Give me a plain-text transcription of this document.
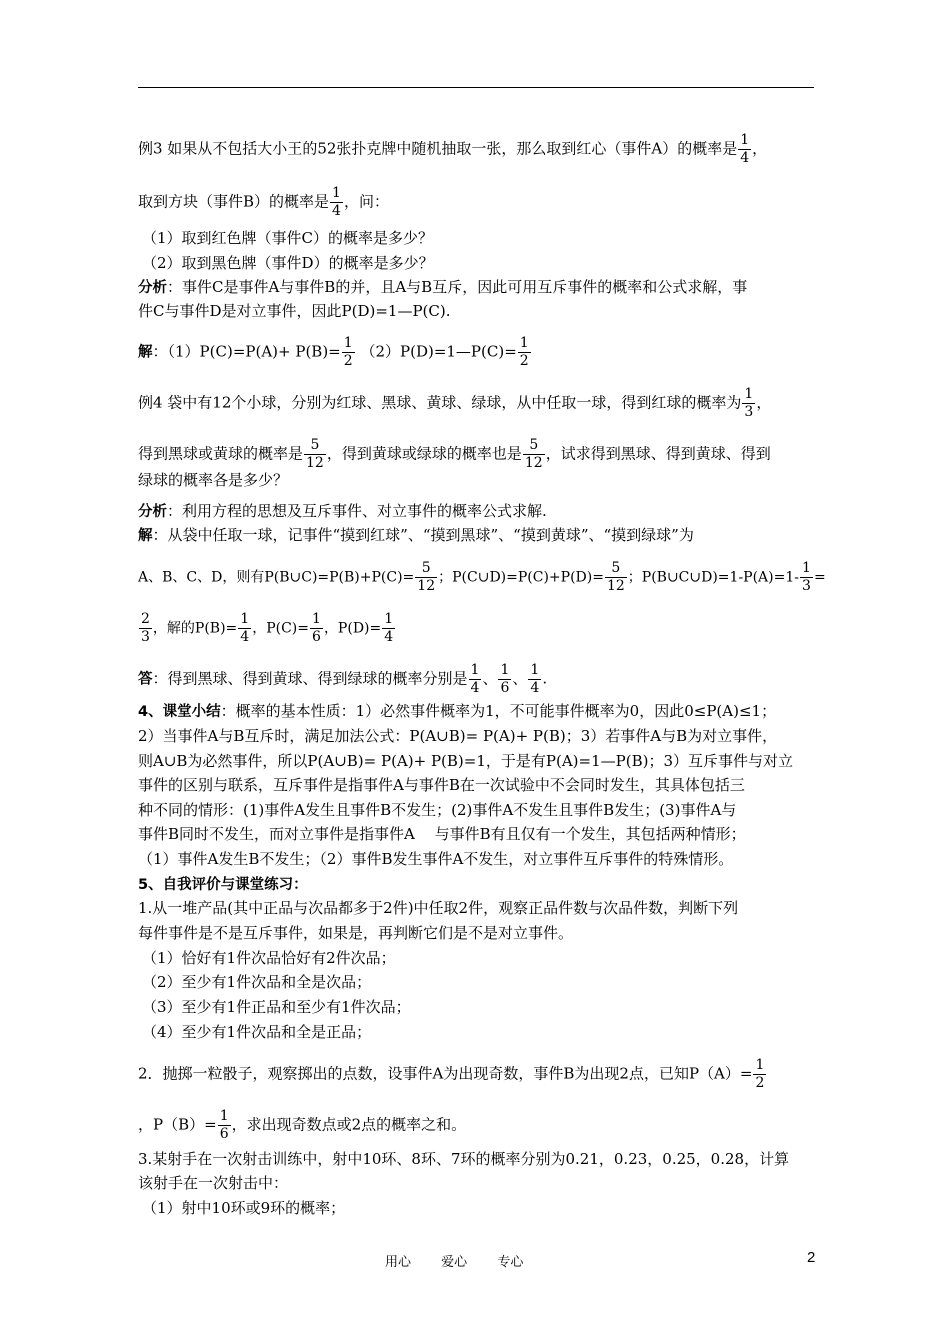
例3 如果从不包括大小王的52张扑克牌中随机抽取一张，那么取到红心（事件A）的概率是 $\frac{1}{4}$ ，
取到方块（事件B）的概率是 $\frac{1}{4}$ ，问：
（1）取到红色牌（事件C）的概率是多少？
（2）取到黑色牌（事件D）的概率是多少？
分析：事件C是事件A与事件B的并，且A与B互斥，因此可用互斥事件的概率和公式求解，事
件C与事件D是对立事件，因此P(D)=1—P(C).
解：$(1)P(C)=P(A)+ P(B)= \frac{1}{2}$ （2）P(D)=1—P(C)= $\frac{1}{2}$
例4 袋中有12个小球，分别为红球、黑球、黄球、绿球，从中任取一球，得到红球的概率为 $\frac{1}{3}$ ，
得到黑球或黄球的概率是 $\frac{5}{12}$ ，得到黄球或绿球的概率也是 $\frac{5}{12}$ ，试求得到黑球、得到黄球、得到
绿球的概率各是多少？
分析：利用方程的思想及互斥事件、对立事件的概率公式求解.
解：从袋中任取一球，记事件“摸到红球”、“摸到黑球”、“摸到黄球”、“摸到绿球”为
A、B、C、D，则有P(B∪C)=P(B)+P(C)= $\frac{5}{12}$ ；P(C∪D)=P(C)+P(D)= $\frac{5}{12}$ ；P(B∪C∪D)=1-P(A)=1- $\frac{1}{3}$ =
$\frac{2}{3}$ ，解的$P(B)= \frac{1}{4}$ ，$P(C)= \frac{1}{6}$ ，$P(D)= \frac{1}{4}$
答：得到黑球、得到黄球、得到绿球的概率分别是 $\frac{1}{4}$ 、 $\frac{1}{6}$ 、 $\frac{1}{4}$ .
4、课堂小结：概率的基本性质：1）必然事件概率为1，不可能事件概率为0，因此0≤P(A)≤1；
2）当事件A与B互斥时，满足加法公式：P(A∪B)= P(A)+ P(B)；3）若事件A与B为对立事件，
则A∪B为必然事件，所以P(A∪B)= P(A)+ P(B)=1，于是有P(A)=1—P(B)；3）互斥事件与对立
事件的区别与联系，互斥事件是指事件A与事件B在一次试验中不会同时发生，其具体包括三
种不同的情形：(1)事件A发生且事件B不发生；(2)事件A不发生且事件B发生；(3)事件A与
事件B同时不发生，而对立事件是指事件A　 与事件B有且仅有一个发生，其包括两种情形；
（1）事件A发生B不发生；（2）事件B发生事件A不发生，对立事件互斥事件的特殊情形。
5、自我评价与课堂练习：
1.从一堆产品(其中正品与次品都多于2件)中任取2件，观察正品件数与次品件数，判断下列
每件事件是不是互斥事件，如果是，再判断它们是不是对立事件。
（1）恰好有1件次品恰好有2件次品；
（2）至少有1件次品和全是次品；
（3）至少有1件正品和至少有1件次品；
（4）至少有1件次品和全是正品；
2．抛掷一粒骰子，观察掷出的点数，设事件A为出现奇数，事件B为出现2点，已知$P(A)= \frac{1}{2}$
，$P(B)= \frac{1}{6}$ ，求出现奇数点或2点的概率之和。
3.某射手在一次射击训练中，射中10环、8环、7环的概率分别为0.21，0.23，0.25，0.28，计算
该射手在一次射击中：
（1）射中10环或9环的概率；
用心 爱心 专心	2
